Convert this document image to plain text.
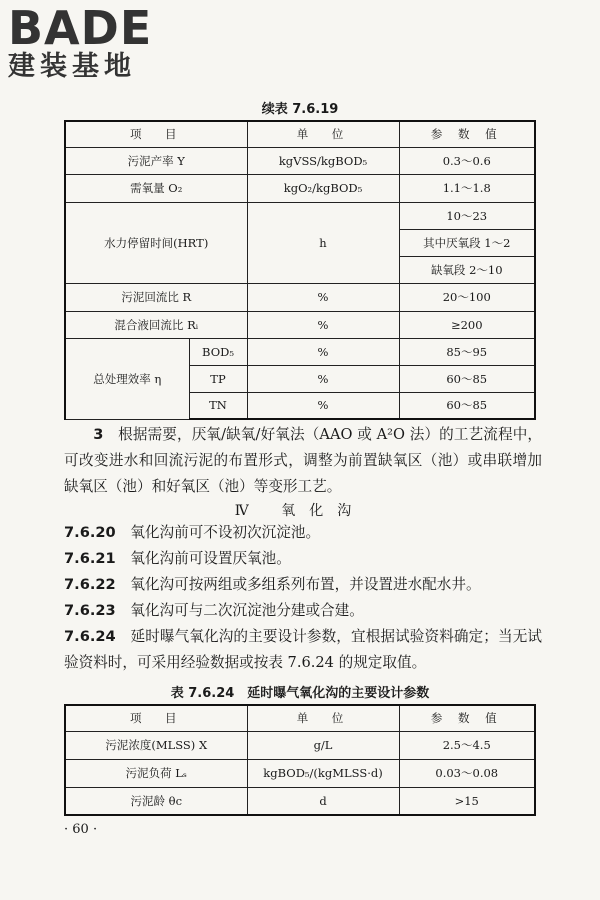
BADE
建装基地
续表 7.6.19
项　目		单　位	参 数 值
污泥产率 Y		kgVSS/kgBOD₅	0.3～0.6
需氧量 O₂		kgO₂/kgBOD₅	1.1～1.8
水力停留时间(HRT)		h	10～23
			其中厌氧段 1～2
			缺氧段 2～10
污泥回流比 R		%	20～100
混合液回流比 Rᵢ		%	≥200
总处理效率 η	BOD₅	%	85～95
	TP	%	60～85
	TN	%	60～85
3　 根据需要，厌氧/缺氧/好氧法（AAO 或 A²O 法）的工艺流程中，可改变进水和回流污泥的布置形式，调整为前置缺氧区（池）或串联增加缺氧区（池）和好氧区（池）等变形工艺。
Ⅳ 氧化沟
7.6.20　 氧化沟前可不设初次沉淀池。
7.6.21　 氧化沟前可设置厌氧池。
7.6.22　 氧化沟可按两组或多组系列布置，并设置进水配水井。
7.6.23　 氧化沟可与二次沉淀池分建或合建。
7.6.24　 延时曝气氧化沟的主要设计参数，宜根据试验资料确定；当无试验资料时，可采用经验数据或按表 7.6.24 的规定取值。
表 7.6.24　延时曝气氧化沟的主要设计参数
项　目	单　位	参 数 值
污泥浓度(MLSS) X	g/L	2.5～4.5
污泥负荷 Lₛ	kgBOD₅/(kgMLSS·d)	0.03～0.08
污泥龄 θc	d	>15
· 60 ·
